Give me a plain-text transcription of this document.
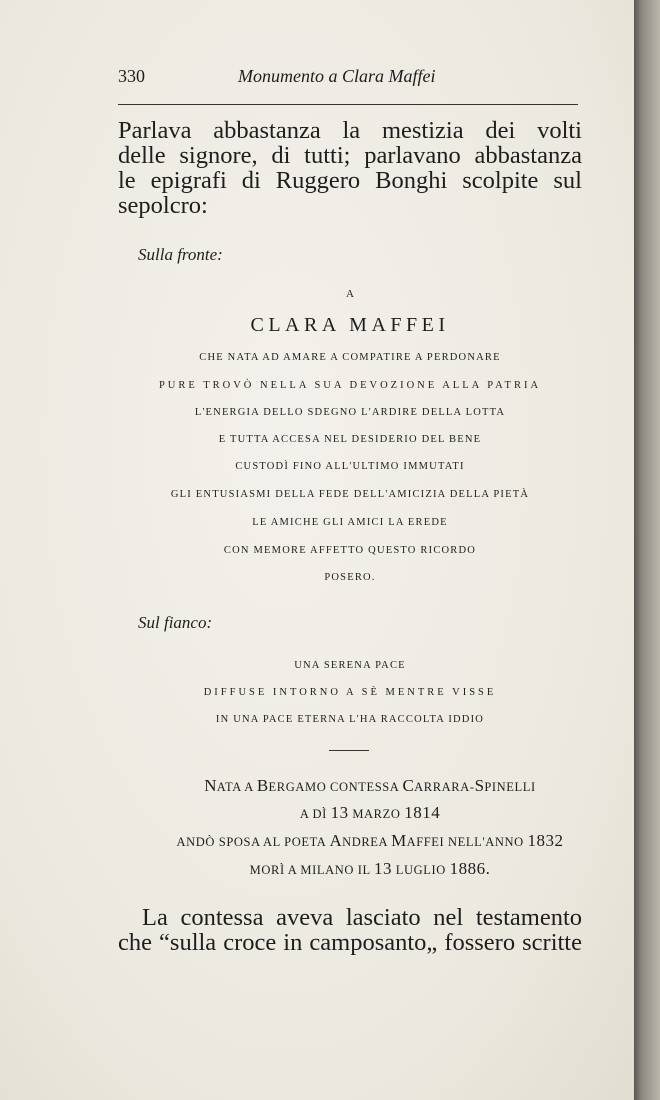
330	Monumento a Clara Maffei
Parlava abbastanza la mestizia dei volti
delle signore, di tutti; parlavano abbastanza
le epigrafi di Ruggero Bonghi scolpite sul
sepolcro:
Sulla fronte:
A
CLARA MAFFEI
CHE NATA AD AMARE A COMPATIRE A PERDONARE
PURE TROVÒ NELLA SUA DEVOZIONE ALLA PATRIA
L'ENERGIA DELLO SDEGNO L'ARDIRE DELLA LOTTA
E TUTTA ACCESA NEL DESIDERIO DEL BENE
CUSTODÌ FINO ALL'ULTIMO IMMUTATI
GLI ENTUSIASMI DELLA FEDE DELL'AMICIZIA DELLA PIETÀ
LE AMICHE GLI AMICI LA EREDE
CON MEMORE AFFETTO QUESTO RICORDO
POSERO.
Sul fianco:
UNA SERENA PACE
DIFFUSE INTORNO A SÈ MENTRE VISSE
IN UNA PACE ETERNA L'HA RACCOLTA IDDIO
NATA A BERGAMO CONTESSA CARRARA-SPINELLI
A DÌ 13 MARZO 1814
ANDÒ SPOSA AL POETA ANDREA MAFFEI NELL'ANNO 1832
MORÌ A MILANO IL 13 LUGLIO 1886.
La contessa aveva lasciato nel testamento
che “sulla croce in camposanto„ fossero scritte
